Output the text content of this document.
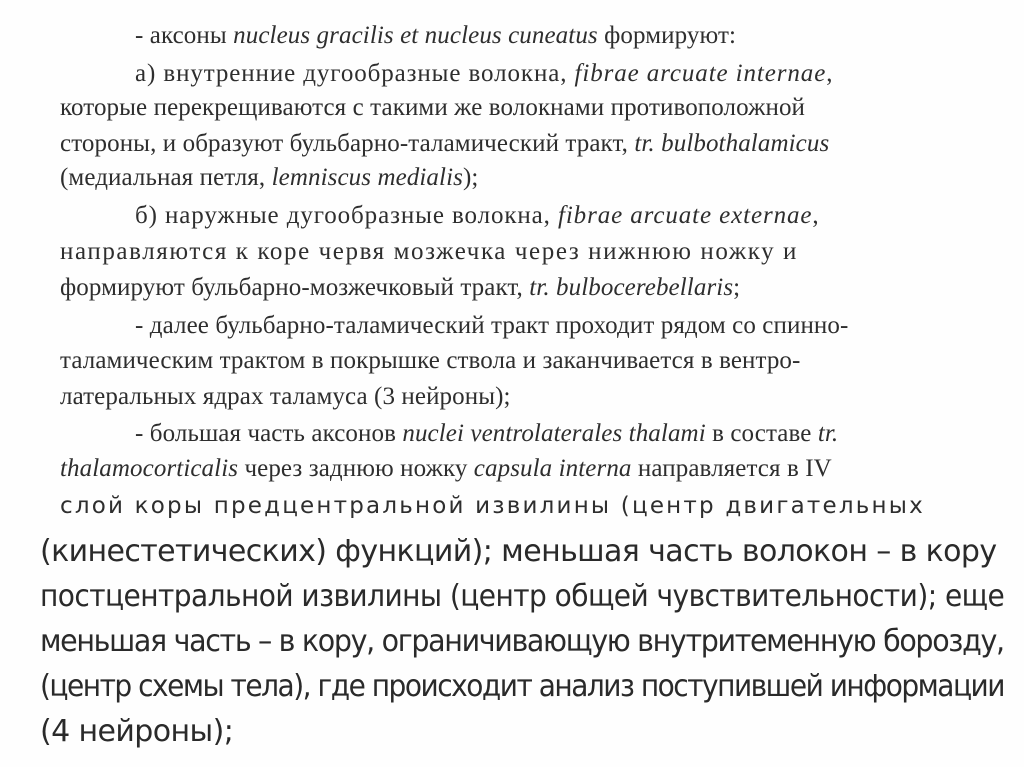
- аксоны nucleus gracilis et nucleus cuneatus формируют:
а) внутренние дугообразные волокна, fibrae arcuate internae,
которые перекрещиваются с такими же волокнами противоположной
стороны, и образуют бульбарно-таламический тракт, tr. bulbothalamicus
(медиальная петля, lemniscus medialis);
б) наружные дугообразные волокна, fibrae arcuate externae,
направляются к коре червя мозжечка через нижнюю ножку и
формируют бульбарно-мозжечковый тракт, tr. bulbocerebellaris;
- далее бульбарно-таламический тракт проходит рядом со спинно-
таламическим трактом в покрышке ствола и заканчивается в вентро-
латеральных ядрах таламуса (3 нейроны);
- большая часть аксонов nuclei ventrolaterales thalami в составе tr.
thalamocorticalis через заднюю ножку capsula interna направляется в IV
слой коры предцентральной извилины (центр двигательных
(кинестетических) функций); меньшая часть волокон – в кору
постцентральной извилины (центр общей чувствительности); еще
меньшая часть – в кору, ограничивающую внутритеменную борозду,
(центр схемы тела), где происходит анализ поступившей информации
(4 нейроны);
